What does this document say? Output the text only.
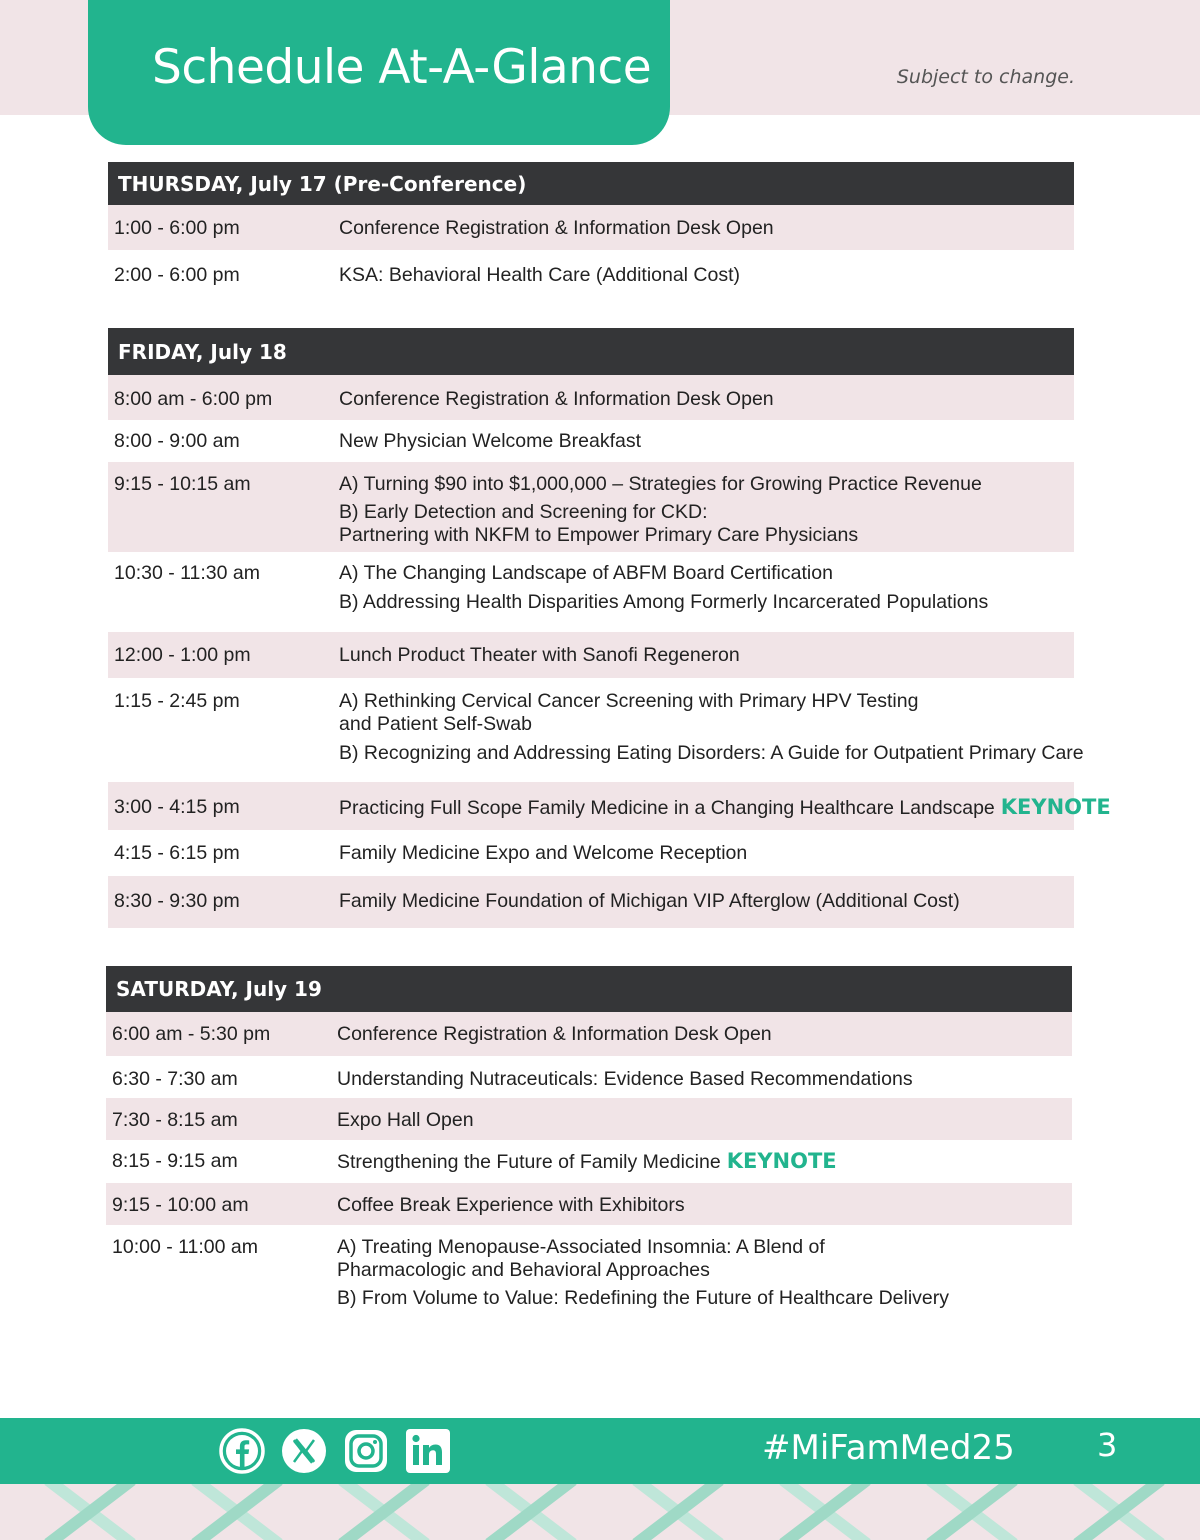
Schedule At-A-Glance	Subject to change.
THURSDAY, July 17 (Pre-Conference)
1:00 - 6:00 pm	Conference Registration & Information Desk Open
2:00 - 6:00 pm	KSA: Behavioral Health Care (Additional Cost)
FRIDAY, July 18
8:00 am - 6:00 pm	Conference Registration & Information Desk Open
8:00 - 9:00 am	New Physician Welcome Breakfast
9:15 - 10:15 am	A) Turning $90 into $1,000,000 – Strategies for Growing Practice Revenue
B) Early Detection and Screening for CKD:
Partnering with NKFM to Empower Primary Care Physicians
10:30 - 11:30 am	A) The Changing Landscape of ABFM Board Certification
B) Addressing Health Disparities Among Formerly Incarcerated Populations
12:00 - 1:00 pm	Lunch Product Theater with Sanofi Regeneron
1:15 - 2:45 pm	A) Rethinking Cervical Cancer Screening with Primary HPV Testing
and Patient Self-Swab
B) Recognizing and Addressing Eating Disorders: A Guide for Outpatient Primary Care
3:00 - 4:15 pm	Practicing Full Scope Family Medicine in a Changing Healthcare Landscape KEYNOTE
4:15 - 6:15 pm	Family Medicine Expo and Welcome Reception
8:30 - 9:30 pm	Family Medicine Foundation of Michigan VIP Afterglow (Additional Cost)
SATURDAY, July 19
6:00 am - 5:30 pm	Conference Registration & Information Desk Open
6:30 - 7:30 am	Understanding Nutraceuticals: Evidence Based Recommendations
7:30 - 8:15 am	Expo Hall Open
8:15 - 9:15 am	Strengthening the Future of Family Medicine KEYNOTE
9:15 - 10:00 am	Coffee Break Experience with Exhibitors
10:00 - 11:00 am	A) Treating Menopause-Associated Insomnia: A Blend of
Pharmacologic and Behavioral Approaches
B) From Volume to Value: Redefining the Future of Healthcare Delivery
#MiFamMed25	3
